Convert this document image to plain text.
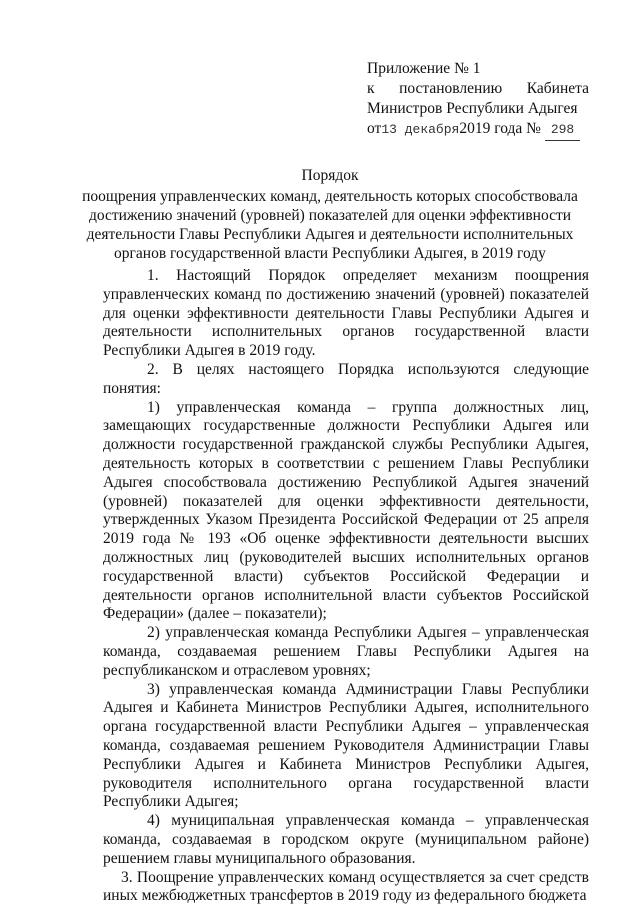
Приложение № 1
к постановлению Кабинета
Министров Республики Адыгея
от13 декабря2019 года № 298
Порядок
поощрения управленческих команд, деятельность которых способствовала
достижению значений (уровней) показателей для оценки эффективности
деятельности Главы Республики Адыгея и деятельности исполнительных
органов государственной власти Республики Адыгея, в 2019 году

1. Настоящий Порядок определяет механизм поощрения управленческих команд по достижению значений (уровней) показателей для оценки эффективности деятельности Главы Республики Адыгея и деятельности исполнительных органов государственной власти Республики Адыгея в 2019 году.

2. В целях настоящего Порядка используются следующие понятия:

1) управленческая команда – группа должностных лиц, замещающих государственные должности Республики Адыгея или должности государственной гражданской службы Республики Адыгея, деятельность которых в соответствии с решением Главы Республики Адыгея способствовала достижению Республикой Адыгея значений (уровней) показателей для оценки эффективности деятельности, утвержденных Указом Президента Российской Федерации от 25 апреля 2019 года № 193 «Об оценке эффективности деятельности высших должностных лиц (руководителей высших исполнительных органов государственной власти) субъектов Российской Федерации и деятельности органов исполнительной власти субъектов Российской Федерации» (далее – показатели);

2) управленческая команда Республики Адыгея – управленческая команда, создаваемая решением Главы Республики Адыгея на республиканском и отраслевом уровнях;

3) управленческая команда Администрации Главы Республики Адыгея и Кабинета Министров Республики Адыгея, исполнительного органа государственной власти Республики Адыгея – управленческая команда, создаваемая решением Руководителя Администрации Главы Республики Адыгея и Кабинета Министров Республики Адыгея, руководителя исполнительного органа государственной власти Республики Адыгея;

4) муниципальная управленческая команда – управленческая команда, создаваемая в городском округе (муниципальном районе) решением главы муниципального образования.

3. Поощрение управленческих команд осуществляется за счет средств иных межбюджетных трансфертов в 2019 году из федерального бюджета
